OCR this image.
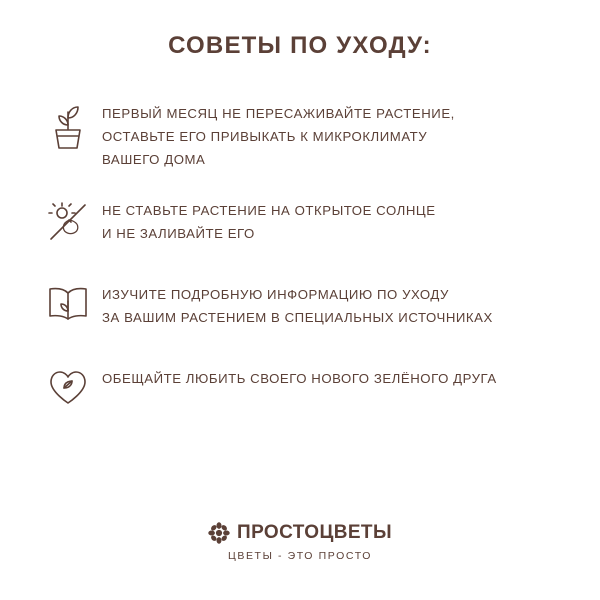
СОВЕТЫ ПО УХОДУ:
ПЕРВЫЙ МЕСЯЦ НЕ ПЕРЕСАЖИВАЙТЕ РАСТЕНИЕ,
ОСТАВЬТЕ ЕГО ПРИВЫКАТЬ К МИКРОКЛИМАТУ
ВАШЕГО ДОМА
НЕ СТАВЬТЕ РАСТЕНИЕ НА ОТКРЫТОЕ СОЛНЦЕ
И НЕ ЗАЛИВАЙТЕ ЕГО
ИЗУЧИТЕ ПОДРОБНУЮ ИНФОРМАЦИЮ ПО УХОДУ
ЗА ВАШИМ РАСТЕНИЕМ В СПЕЦИАЛЬНЫХ ИСТОЧНИКАХ
ОБЕЩАЙТЕ ЛЮБИТЬ СВОЕГО НОВОГО ЗЕЛЁНОГО ДРУГА
ПРОСТОЦВЕТЫ
ЦВЕТЫ - ЭТО ПРОСТО
